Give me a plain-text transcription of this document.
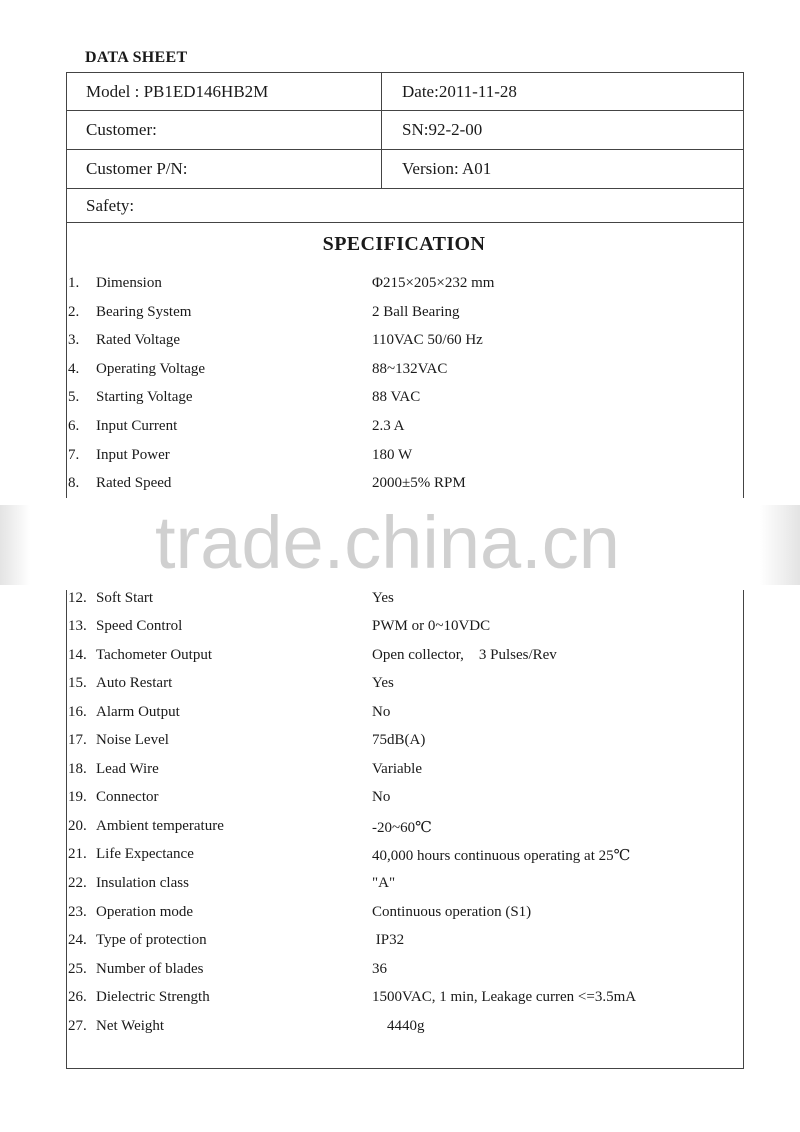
DATA SHEET
Model : PB1ED146HB2M	Date:2011-11-28
Customer:	SN:92-2-00
Customer P/N:	Version: A01
Safety:
SPECIFICATION
1. Dimension	Φ215×205×232 mm
2. Bearing System	2 Ball Bearing
3. Rated Voltage	110VAC 50/60 Hz
4. Operating Voltage	88~132VAC
5. Starting Voltage	88 VAC
6. Input Current	2.3 A
7. Input Power	180 W
8. Rated Speed	2000±5% RPM
12. Soft Start	Yes
13. Speed Control	PWM or 0~10VDC
14. Tachometer Output	Open collector,    3 Pulses/Rev
15. Auto Restart	Yes
16. Alarm Output	No
17. Noise Level	75dB(A)
18. Lead Wire	Variable
19. Connector	No
20. Ambient temperature	-20~60℃
21. Life Expectance	40,000 hours continuous operating at 25℃
22. Insulation class	"A"
23. Operation mode	Continuous operation (S1)
24. Type of protection	IP32
25. Number of blades	36
26. Dielectric Strength	1500VAC, 1 min, Leakage curren <=3.5mA
27. Net Weight	4440g
trade.china.cn
